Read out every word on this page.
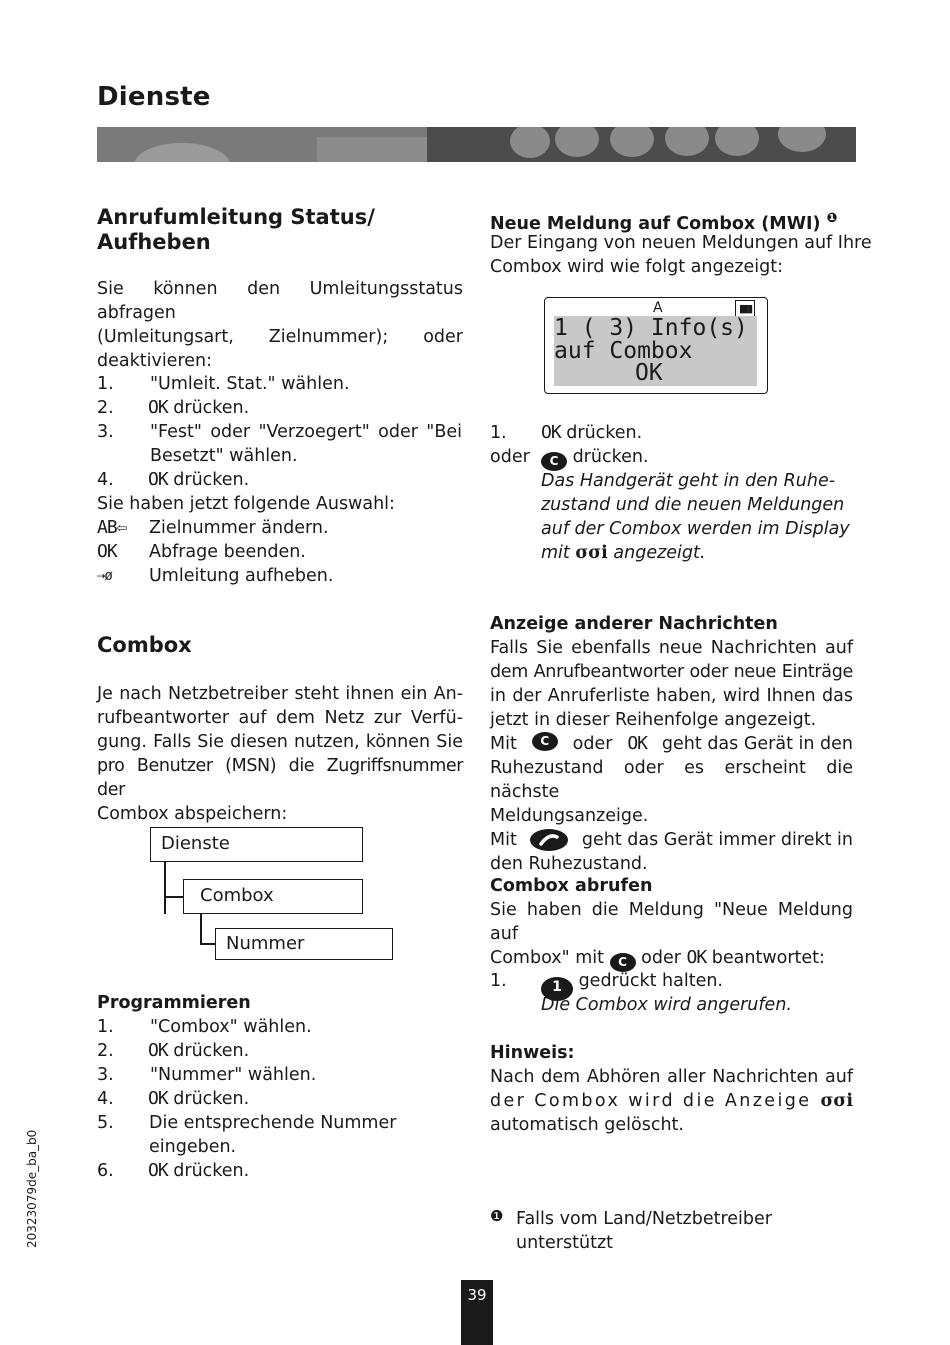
Dienste
Anrufumleitung Status/
Aufheben
Sie können den Umleitungsstatus abfragen
(Umleitungsart, Zielnummer); oder
deaktivieren:
1. "Umleit. Stat." wählen.
2. OK drücken.
3. "Fest" oder "Verzoegert" oder "Bei
Besetzt" wählen.
4. OK drücken.
Sie haben jetzt folgende Auswahl:
AB⇦ Zielnummer ändern.
OK Abfrage beenden.
⇢ø Umleitung aufheben.
Combox
Je nach Netzbetreiber steht ihnen ein An-
rufbeantworter auf dem Netz zur Verfü-
gung. Falls Sie diesen nutzen, können Sie
pro Benutzer (MSN) die Zugriffsnummer der
Combox abspeichern:
Dienste
Combox
Nummer
Programmieren
1. "Combox" wählen.
2. OK drücken.
3. "Nummer" wählen.
4. OK drücken.
5. Die entsprechende Nummer
eingeben.
6. OK drücken.
Neue Meldung auf Combox (MWI) $^❶$
Der Eingang von neuen Meldungen auf Ihre
Combox wird wie folgt angezeigt:
A	▮▮▮
1 ( 3) Info(s)
auf Combox
OK
1. OK drücken.
oder	C drücken.
Das Handgerät geht in den Ruhe-
zustand und die neuen Meldungen
auf der Combox werden im Display
mit σσi angezeigt.
Anzeige anderer Nachrichten
Falls Sie ebenfalls neue Nachrichten auf
dem Anrufbeantworter oder neue Einträge
in der Anruferliste haben, wird Ihnen das
jetzt in dieser Reihenfolge angezeigt.
Mit	C	oder OK geht das Gerät in den
Ruhezustand oder es erscheint die nächste
Meldungsanzeige.
Mit	geht das Gerät immer direkt in
den Ruhezustand.
Combox abrufen
Sie haben die Meldung "Neue Meldung auf
Combox" mit C oder OK beantwortet:
1.	1 gedrückt halten.
Die Combox wird angerufen.
Hinweis:
Nach dem Abhören aller Nachrichten auf
der Combox wird die Anzeige σσi
automatisch gelöscht.
❶ Falls vom Land/Netzbetreiber
unterstützt
20323079de_ba_b0
39
